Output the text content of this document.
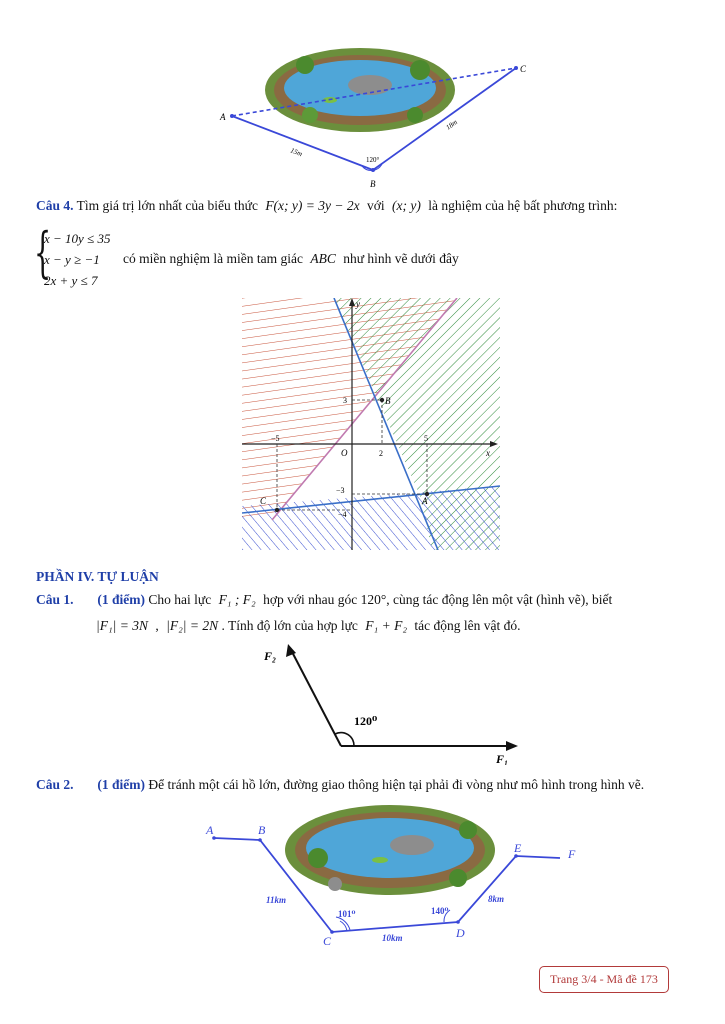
A
B
C
15m
18m
120°
Câu 4. Tìm giá trị lớn nhất của biểu thức F(x; y) = 3y − 2x với (x; y) là nghiệm của hệ bất phương trình:
{
x − 10y ≤ 35
x − y ≥ −1
2x + y ≤ 7
có miền nghiệm là miền tam giác ABC như hình vẽ dưới đây
x
y
O
−5
2
5
3
−3
−4
A
B
C
PHẦN IV. TỰ LUẬN
Câu 1. (1 điểm) Cho hai lực F₁ ; F₂ hợp với nhau góc 120°, cùng tác động lên một vật (hình vẽ), biết
|F₁| = 3N , |F₂| = 2N . Tính độ lớn của hợp lực F₁ + F₂ tác động lên vật đó.
F₂
F₁
120⁰
Câu 2. (1 điểm) Để tránh một cái hồ lớn, đường giao thông hiện tại phải đi vòng như mô hình trong hình vẽ.
A	B
C
D
E	F
11km
10km
8km
101⁰	140⁰
Trang 3/4 - Mã đề 173
